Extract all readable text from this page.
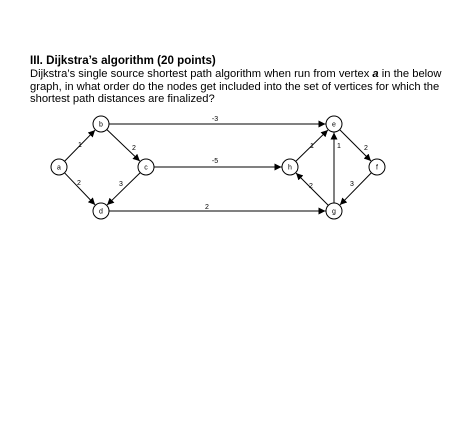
III. Dijkstra’s algorithm (20 points)

Dijkstra’s single source shortest path algorithm when run from vertex a in the below graph, in what order do the nodes get included into the set of vertices for which the shortest path distances are finalized?

1
2
2
3
-3
-5
2
1	1	2
3
2
a
b
c
d
h
e
g
f
